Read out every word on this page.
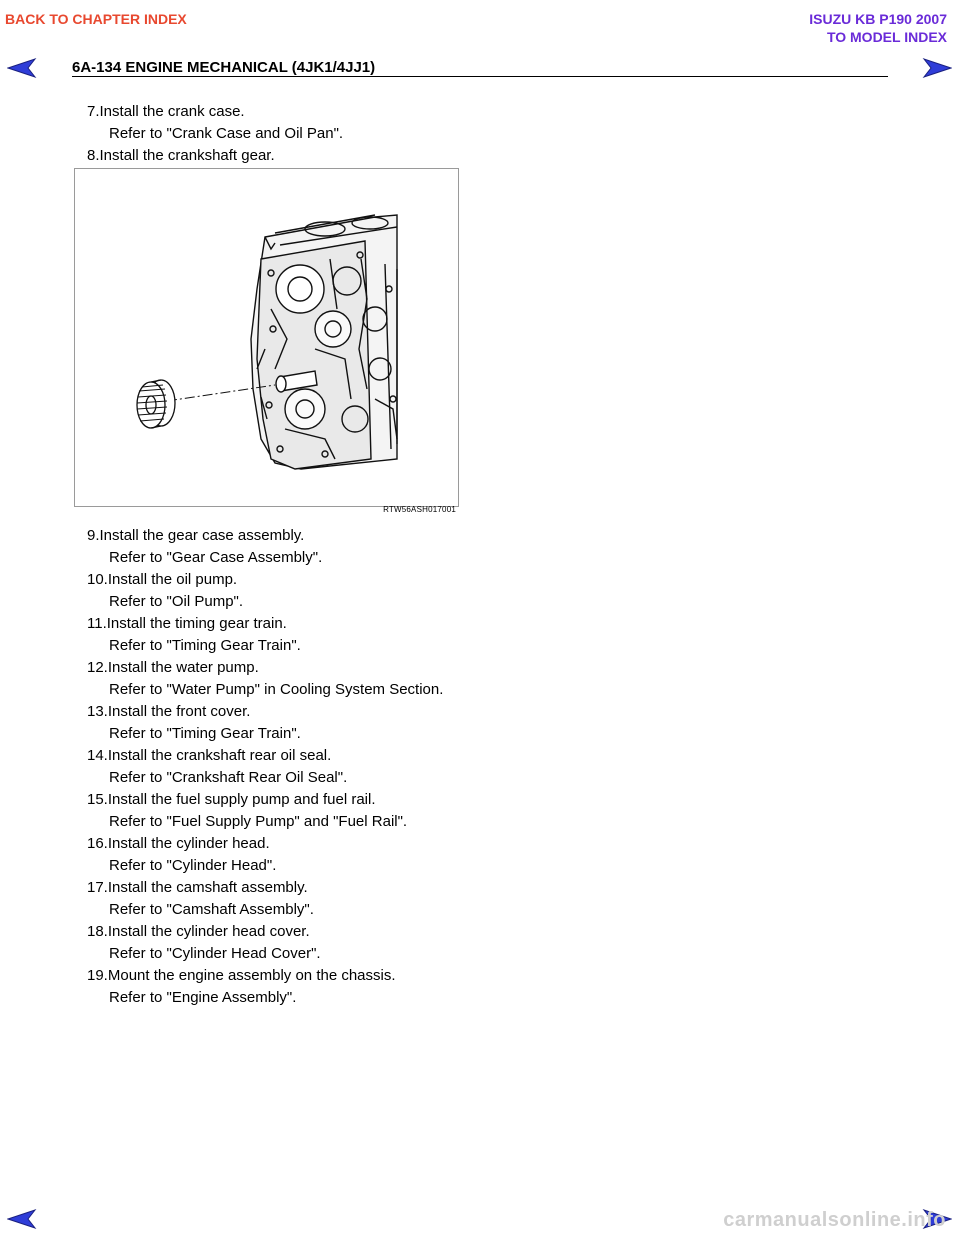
BACK TO CHAPTER INDEX	ISUZU KB P190 2007
TO MODEL INDEX
6A-134 ENGINE MECHANICAL (4JK1/4JJ1)
7.Install the crank case.
Refer to "Crank Case and Oil Pan".
8.Install the crankshaft gear.
RTW56ASH017001
9.Install the gear case assembly.
Refer to "Gear Case Assembly".
10.Install the oil pump.
Refer to "Oil Pump".
11.Install the timing gear train.
Refer to "Timing Gear Train".
12.Install the water pump.
Refer to "Water Pump" in Cooling System Section.
13.Install the front cover.
Refer to "Timing Gear Train".
14.Install the crankshaft rear oil seal.
Refer to "Crankshaft Rear Oil Seal".
15.Install the fuel supply pump and fuel rail.
Refer to "Fuel Supply Pump" and "Fuel Rail".
16.Install the cylinder head.
Refer to "Cylinder Head".
17.Install the camshaft assembly.
Refer to "Camshaft Assembly".
18.Install the cylinder head cover.
Refer to "Cylinder Head Cover".
19.Mount the engine assembly on the chassis.
Refer to "Engine Assembly".
carmanualsonline.info
